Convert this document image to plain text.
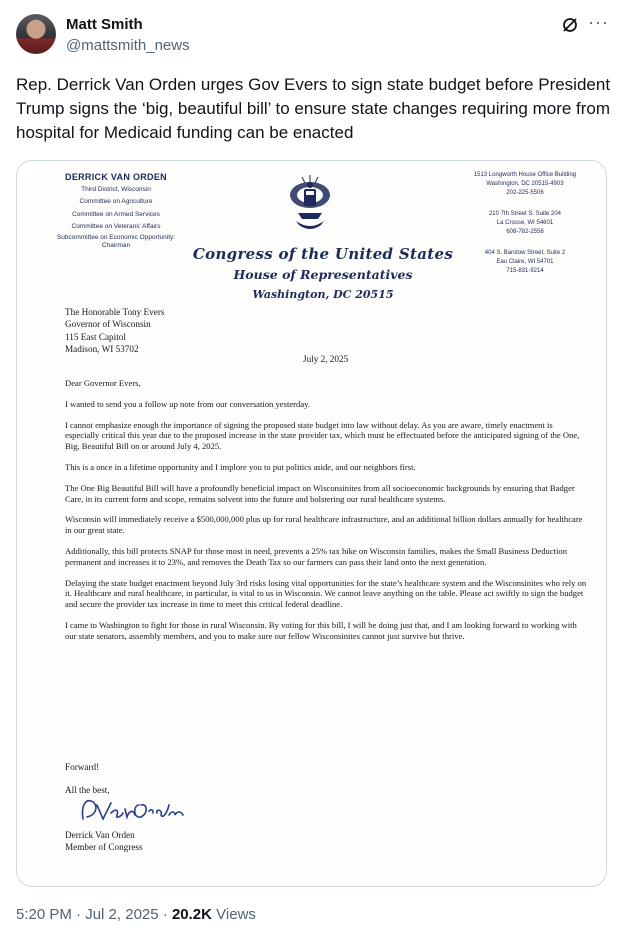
Matt Smith
@mattsmith_news
···
Rep. Derrick Van Orden urges Gov Evers to sign state budget before President Trump signs the ‘big, beautiful bill’ to ensure state changes requiring more from hospital for Medicaid funding can be enacted
DERRICK VAN ORDEN
Third District, Wisconsin
Committee on Agriculture
Committee on Armed Services
Committee on Veterans' Affairs
Subcommittee on Economic Opportunity:
Chairman	Congress of the United States
House of Representatives
Washington, DC 20515
1513 Longworth House Office Building
Washington, DC 20515-4903
202-225-5506
210 7th Street S. Suite 204
La Crosse, WI 54601
608-782-2558
404 S. Barstow Street, Suite 2
Eau Claire, WI 54701
715-831-9214
The Honorable Tony Evers
Governor of Wisconsin
115 East Capitol
Madison, WI 53702
July 2, 2025

Dear Governor Evers,

I wanted to send you a follow up note from our conversation yesterday.

I cannot emphasize enough the importance of signing the proposed state budget into law without delay. As you are aware, timely enactment is especially critical this year due to the proposed increase in the state provider tax, which must be effectuated before the anticipated signing of the One, Big, Beautiful Bill on or around July 4, 2025.

This is a once in a lifetime opportunity and I implore you to put politics aside, and our neighbors first.

The One Big Beautiful Bill will have a profoundly beneficial impact on Wisconsinites from all socioeconomic backgrounds by ensuring that Badger Care, in its current form and scope, remains solvent into the future and bolstering our rural healthcare systems.

Wisconsin will immediately receive a $500,000,000 plus up for rural healthcare infrastructure, and an additional billion dollars annually for healthcare in our great state.

Additionally, this bill protects SNAP for those most in need, prevents a 25% tax hike on Wisconsin families, makes the Small Business Deduction permanent and increases it to 23%, and removes the Death Tax so our farmers can pass their land onto the next generation.

Delaying the state budget enactment beyond July 3rd risks losing vital opportunities for the state’s healthcare system and the Wisconsinites who rely on it. Healthcare and rural healthcare, in particular, is vital to us in Wisconsin. We cannot leave anything on the table. Please act swiftly to sign the budget and secure the provider tax increase in time to meet this critical federal deadline.

I came to Washington to fight for those in rural Wisconsin. By voting for this bill, I will be doing just that, and I am looking forward to working with our state senators, assembly members, and you to make sure our fellow Wisconsinites cannot just survive but thrive.

Forward!
All the best,
Derrick Van Orden
Member of Congress
5:20 PM · Jul 2, 2025 · 20.2K Views
